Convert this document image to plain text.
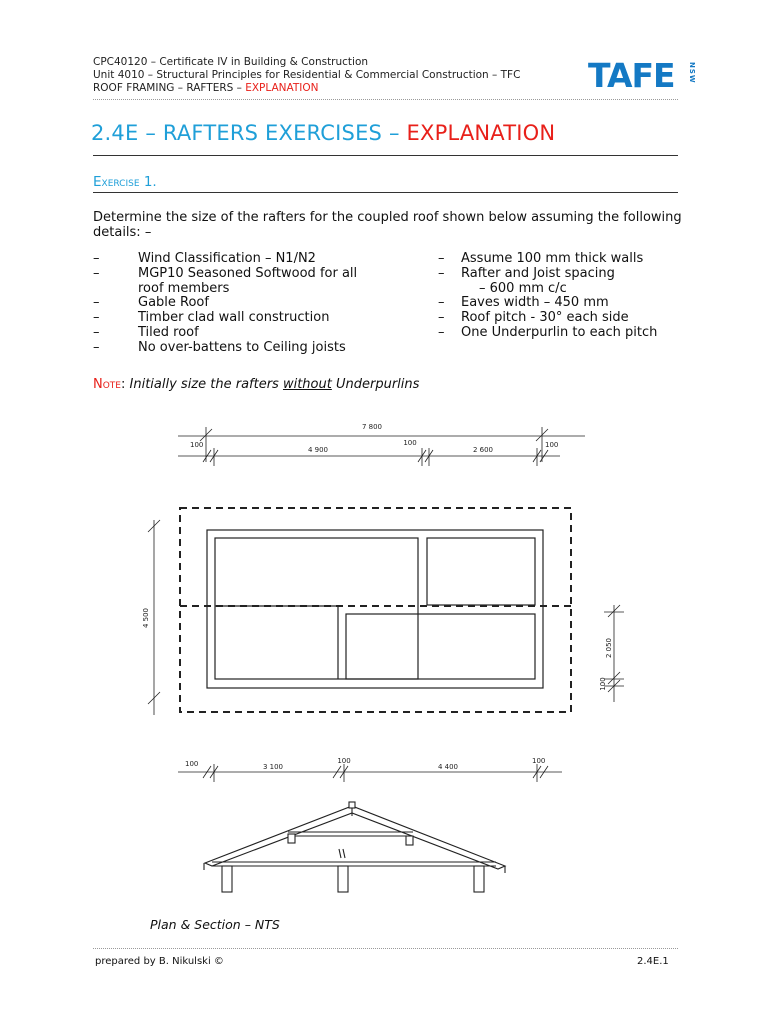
CPC40120 – Certificate IV in Building & Construction
Unit 4010 – Structural Principles for Residential & Commercial Construction – TFC
ROOF FRAMING – RAFTERS – EXPLANATION	TAFE NSW
2.4E – RAFTERS EXERCISES – EXPLANATION
Exercise 1.
Determine the size of the rafters for the coupled roof shown below assuming the following details: –
–	Wind Classification – N1/N2
–	MGP10 Seasoned Softwood for all roof members
–	Gable Roof
–	Timber clad wall construction
–	Tiled roof
–	No over-battens to Ceiling joists
– Assume 100 mm thick walls
– Rafter and Joist spacing
– 600 mm c/c
– Eaves width – 450 mm
– Roof pitch - 30° each side
– One Underpurlin to each pitch
Note: Initially size the rafters without Underpurlins
7 800
100
4 900
100
2 600
100
4 500
2 050
100
100	3 100
100
4 400
100
Plan & Section – NTS
prepared by B. Nikulski ©	2.4E.1
